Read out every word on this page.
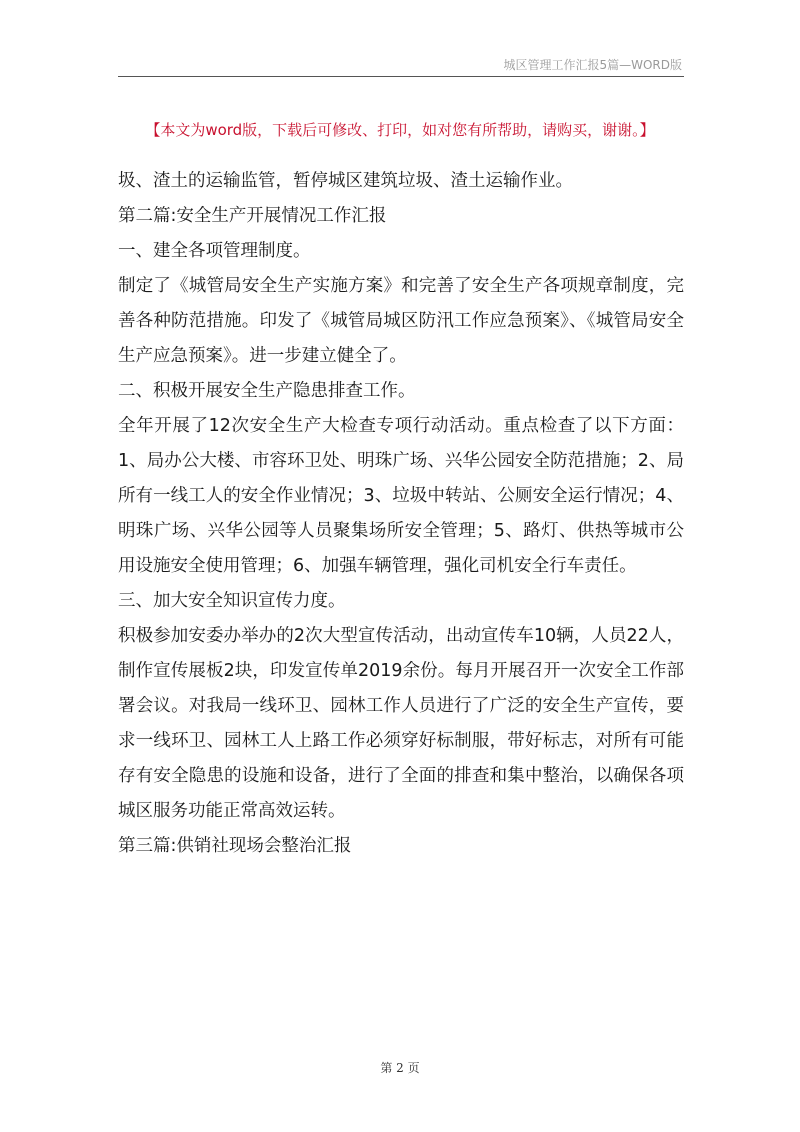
城区管理工作汇报5篇—WORD版
【本文为word版，下载后可修改、打印，如对您有所帮助，请购买，谢谢。】

圾、渣土的运输监管，暂停城区建筑垃圾、渣土运输作业。

第二篇:安全生产开展情况工作汇报

一、建全各项管理制度。

制定了《城管局安全生产实施方案》和完善了安全生产各项规章制度，完善各种防范措施。印发了《城管局城区防汛工作应急预案》、《城管局安全生产应急预案》。进一步建立健全了。

二、积极开展安全生产隐患排查工作。

全年开展了12次安全生产大检查专项行动活动。重点检查了以下方面：1、局办公大楼、市容环卫处、明珠广场、兴华公园安全防范措施；2、局所有一线工人的安全作业情况；3、垃圾中转站、公厕安全运行情况；4、明珠广场、兴华公园等人员聚集场所安全管理；5、路灯、供热等城市公用设施安全使用管理；6、加强车辆管理，强化司机安全行车责任。

三、加大安全知识宣传力度。

积极参加安委办举办的2次大型宣传活动，出动宣传车10辆，人员22人，制作宣传展板2块，印发宣传单2019余份。每月开展召开一次安全工作部署会议。对我局一线环卫、园林工作人员进行了广泛的安全生产宣传，要求一线环卫、园林工人上路工作必须穿好标制服，带好标志，对所有可能存有安全隐患的设施和设备，进行了全面的排查和集中整治，以确保各项城区服务功能正常高效运转。

第三篇:供销社现场会整治汇报

第 2 页
